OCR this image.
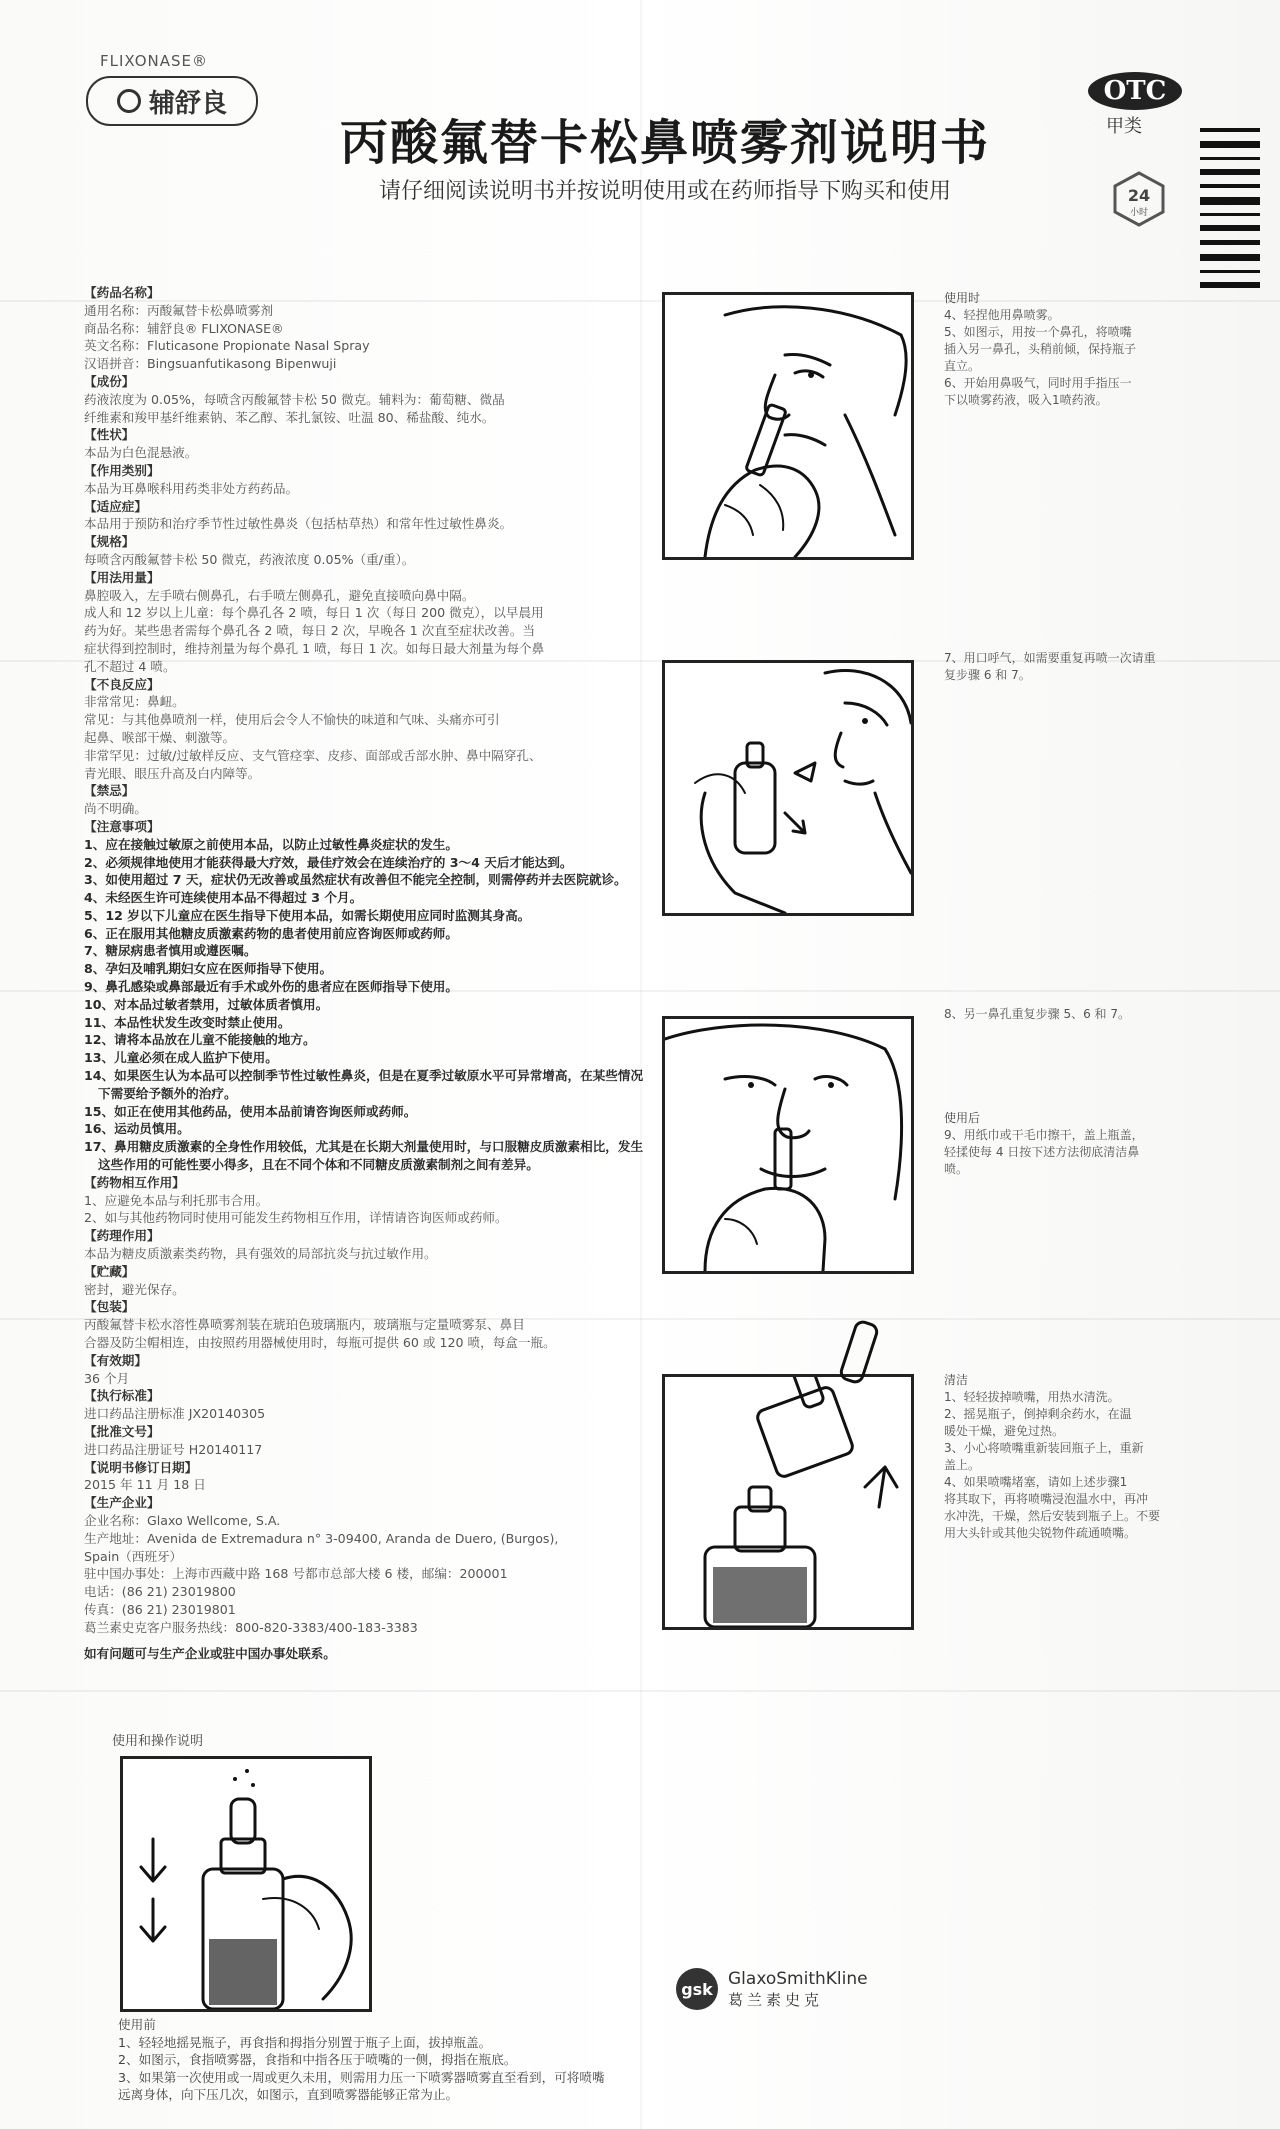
FLIXONASE®
辅舒良
丙酸氟替卡松鼻喷雾剂说明书
请仔细阅读说明书并按说明使用或在药师指导下购买和使用
OTC
甲类
24
小时
【药品名称】
通用名称：丙酸氟替卡松鼻喷雾剂
商品名称：辅舒良® FLIXONASE®
英文名称：Fluticasone Propionate Nasal Spray
汉语拼音：Bingsuanfutikasong Bipenwuji
【成份】
药液浓度为 0.05%，每喷含丙酸氟替卡松 50 微克。辅料为：葡萄糖、微晶
纤维素和羧甲基纤维素钠、苯乙醇、苯扎氯铵、吐温 80、稀盐酸、纯水。
【性状】
本品为白色混悬液。
【作用类别】
本品为耳鼻喉科用药类非处方药药品。
【适应症】
本品用于预防和治疗季节性过敏性鼻炎（包括枯草热）和常年性过敏性鼻炎。
【规格】
每喷含丙酸氟替卡松 50 微克，药液浓度 0.05%（重/重）。
【用法用量】
鼻腔吸入，左手喷右侧鼻孔，右手喷左侧鼻孔，避免直接喷向鼻中隔。
成人和 12 岁以上儿童：每个鼻孔各 2 喷，每日 1 次（每日 200 微克），以早晨用
药为好。某些患者需每个鼻孔各 2 喷，每日 2 次，早晚各 1 次直至症状改善。当
症状得到控制时，维持剂量为每个鼻孔 1 喷，每日 1 次。如每日最大剂量为每个鼻
孔不超过 4 喷。
【不良反应】
非常常见：鼻衄。
常见：与其他鼻喷剂一样，使用后会令人不愉快的味道和气味、头痛亦可引
起鼻、喉部干燥、刺激等。
非常罕见：过敏/过敏样反应、支气管痉挛、皮疹、面部或舌部水肿、鼻中隔穿孔、
青光眼、眼压升高及白内障等。
【禁忌】
尚不明确。
【注意事项】
1、应在接触过敏原之前使用本品，以防止过敏性鼻炎症状的发生。
2、必须规律地使用才能获得最大疗效，最佳疗效会在连续治疗的 3～4 天后才能达到。
3、如使用超过 7 天，症状仍无改善或虽然症状有改善但不能完全控制，则需停药并去医院就诊。
4、未经医生许可连续使用本品不得超过 3 个月。
5、12 岁以下儿童应在医生指导下使用本品，如需长期使用应同时监测其身高。
6、正在服用其他糖皮质激素药物的患者使用前应咨询医师或药师。
7、糖尿病患者慎用或遵医嘱。
8、孕妇及哺乳期妇女应在医师指导下使用。
9、鼻孔感染或鼻部最近有手术或外伤的患者应在医师指导下使用。
10、对本品过敏者禁用，过敏体质者慎用。
11、本品性状发生改变时禁止使用。
12、请将本品放在儿童不能接触的地方。
13、儿童必须在成人监护下使用。
14、如果医生认为本品可以控制季节性过敏性鼻炎，但是在夏季过敏原水平可异常增高，在某些情况下需要给予额外的治疗。
15、如正在使用其他药品，使用本品前请咨询医师或药师。
16、运动员慎用。
17、鼻用糖皮质激素的全身性作用较低，尤其是在长期大剂量使用时，与口服糖皮质激素相比，发生这些作用的可能性要小得多，且在不同个体和不同糖皮质激素制剂之间有差异。
【药物相互作用】
1、应避免本品与利托那韦合用。
2、如与其他药物同时使用可能发生药物相互作用，详情请咨询医师或药师。
【药理作用】
本品为糖皮质激素类药物，具有强效的局部抗炎与抗过敏作用。
【贮藏】
密封，避光保存。
【包装】
丙酸氟替卡松水溶性鼻喷雾剂装在琥珀色玻璃瓶内，玻璃瓶与定量喷雾泵、鼻目
合器及防尘帽相连，由按照药用器械使用时，每瓶可提供 60 或 120 喷，每盒一瓶。
【有效期】
36 个月
【执行标准】
进口药品注册标准 JX20140305
【批准文号】
进口药品注册证号 H20140117
【说明书修订日期】
2015 年 11 月 18 日
【生产企业】
企业名称：Glaxo Wellcome, S.A.
生产地址：Avenida de Extremadura n° 3-09400, Aranda de Duero, (Burgos),
Spain（西班牙）
驻中国办事处：上海市西藏中路 168 号都市总部大楼 6 楼，邮编：200001
电话：(86 21) 23019800
传真：(86 21) 23019801
葛兰素史克客户服务热线：800-820-3383/400-183-3383
如有问题可与生产企业或驻中国办事处联系。
使用和操作说明
使用时
4、轻捏他用鼻喷雾。
5、如图示，用按一个鼻孔，将喷嘴
插入另一鼻孔，头稍前倾，保持瓶子
直立。
6、开始用鼻吸气，同时用手指压一
下以喷雾药液，吸入1喷药液。
7、用口呼气，如需要重复再喷一次请重
复步骤 6 和 7。
8、另一鼻孔重复步骤 5、6 和 7。
使用后
9、用纸巾或干毛巾擦干，盖上瓶盖，
轻揉使每 4 日按下述方法彻底清洁鼻
喷。
清洁
1、轻轻拔掉喷嘴，用热水清洗。
2、摇晃瓶子，倒掉剩余药水，在温
暖处干燥，避免过热。
3、小心将喷嘴重新装回瓶子上，重新
盖上。
4、如果喷嘴堵塞，请如上述步骤1
将其取下，再将喷嘴浸泡温水中，再冲
水冲洗，干燥，然后安装到瓶子上。不要
用大头针或其他尖锐物件疏通喷嘴。
使用前
1、轻轻地摇晃瓶子，再食指和拇指分别置于瓶子上面，拔掉瓶盖。
2、如图示，食指喷雾器，食指和中指各压于喷嘴的一侧，拇指在瓶底。
3、如果第一次使用或一周或更久未用，则需用力压一下喷雾器喷雾直至看到，可将喷嘴
远离身体，向下压几次，如图示，直到喷雾器能够正常为止。
gsk
GlaxoSmithKline
葛兰素史克
